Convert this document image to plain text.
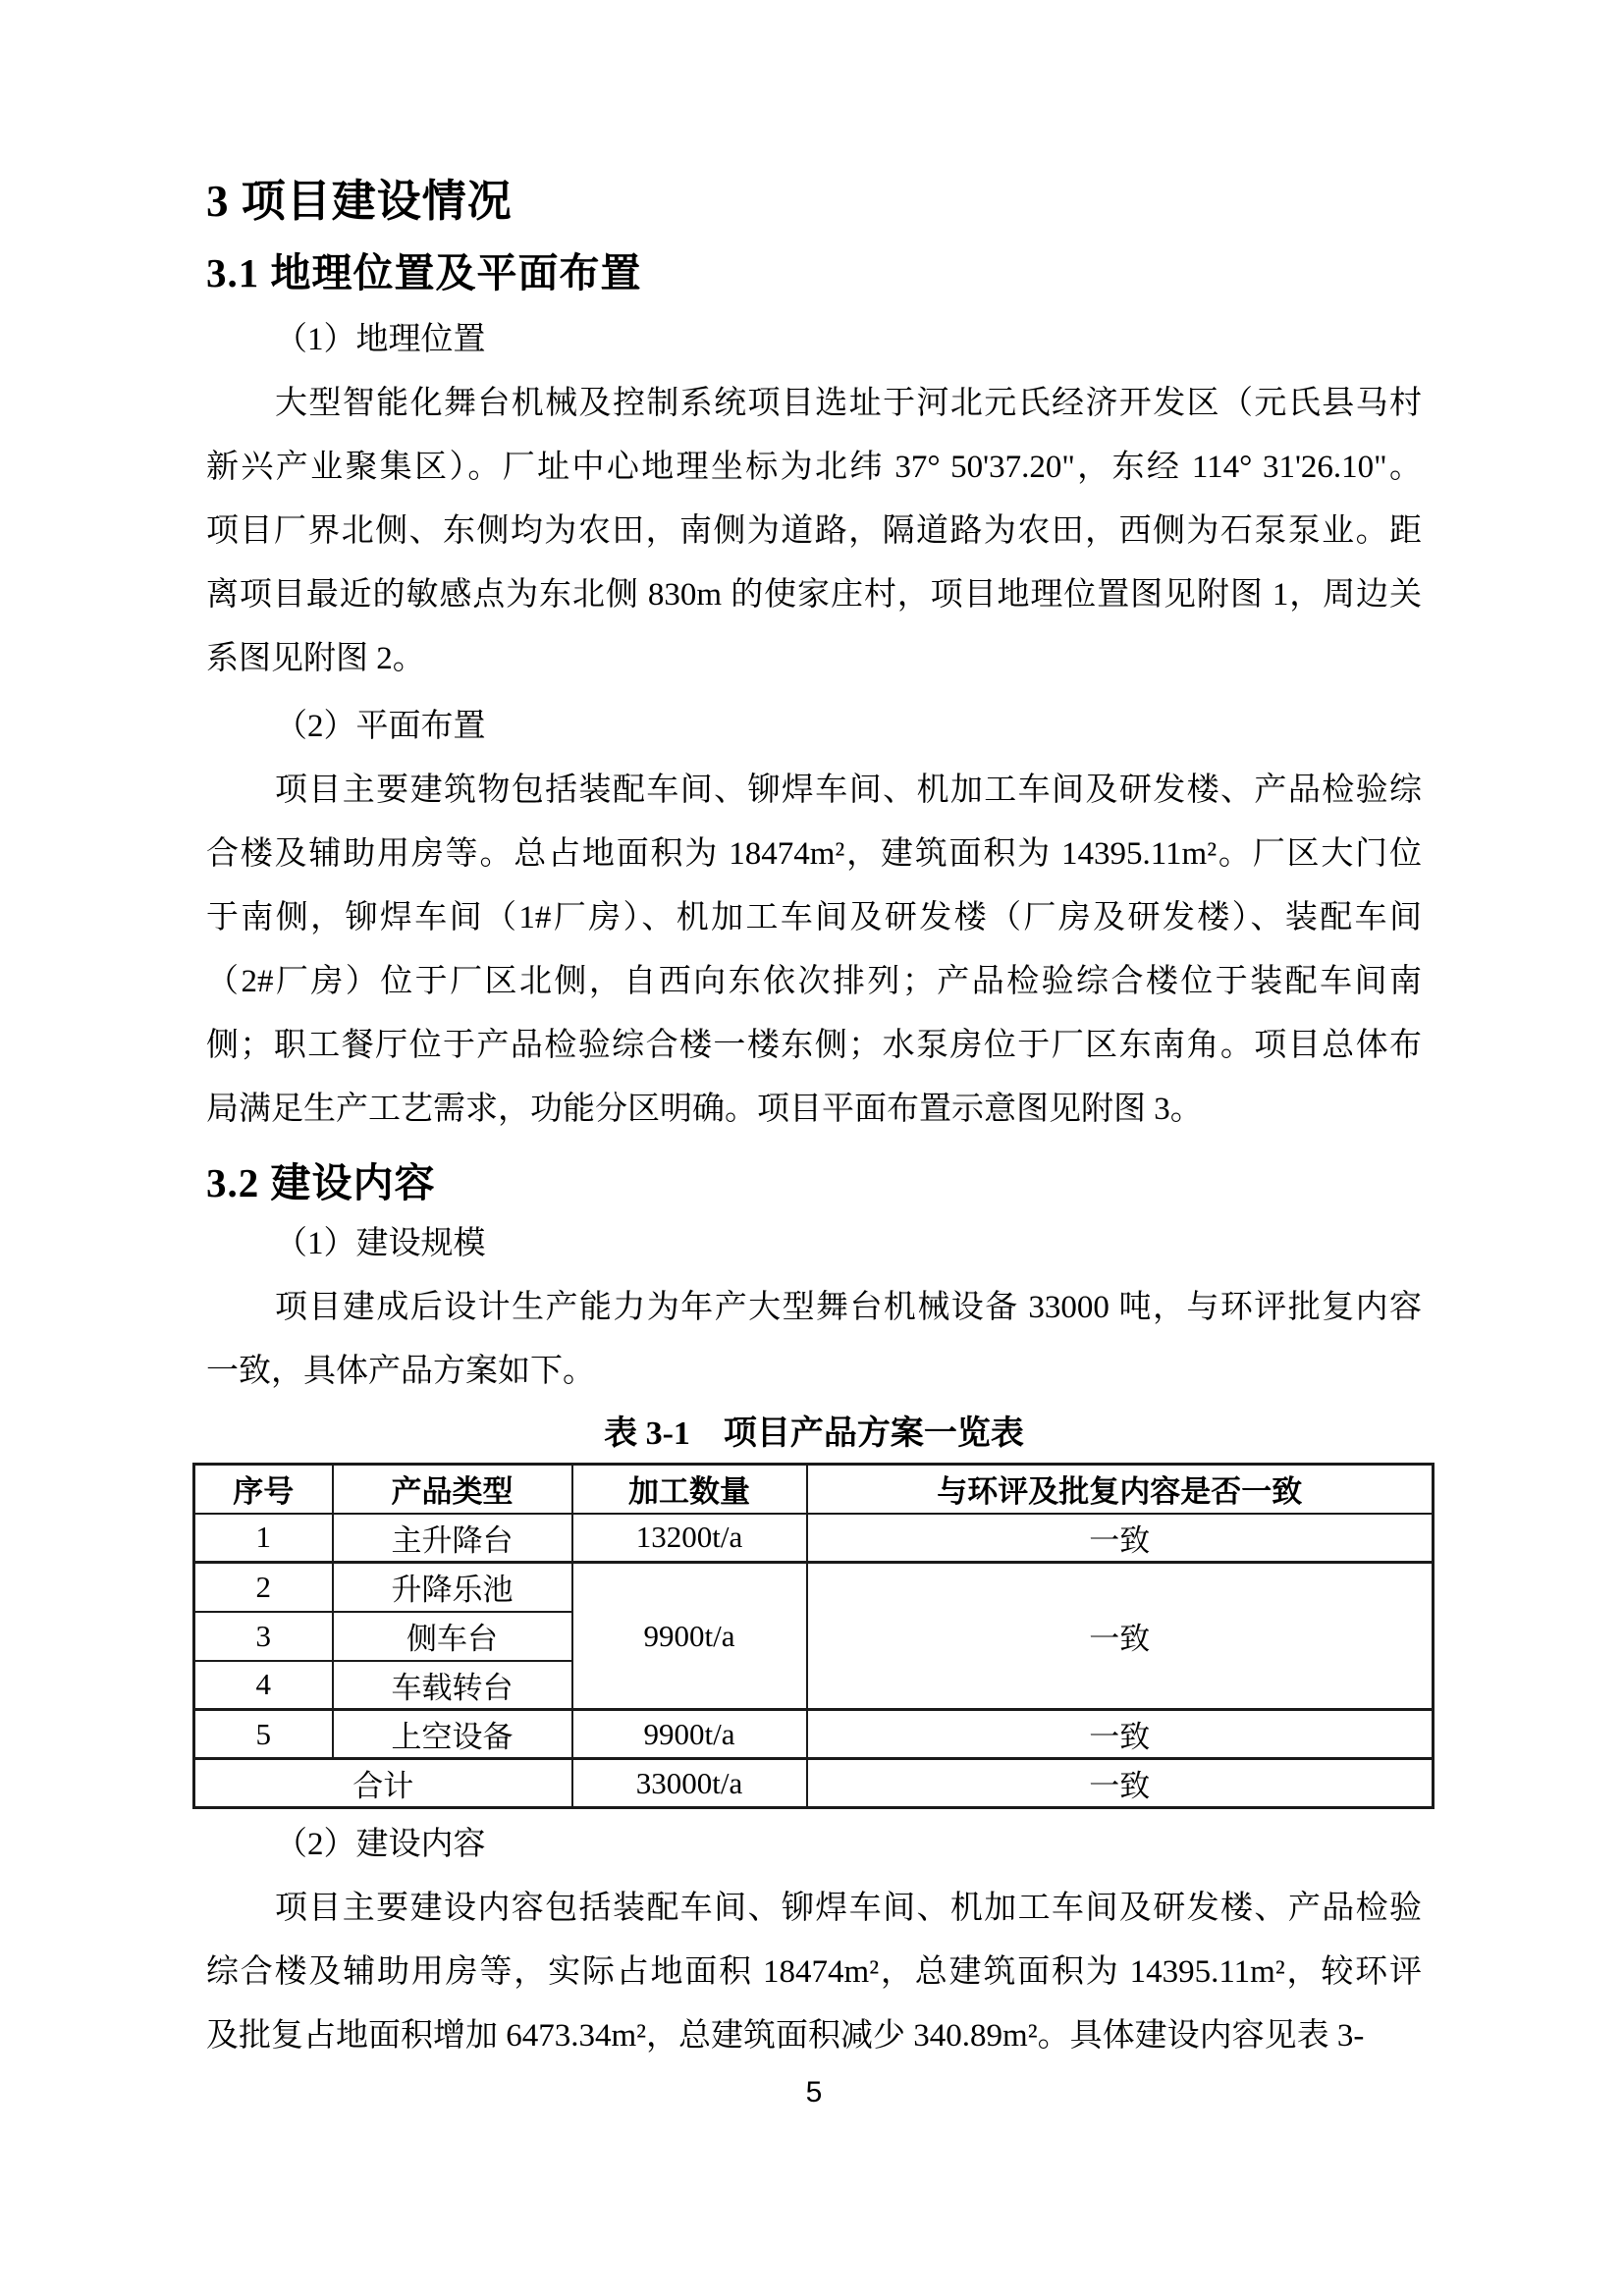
3 项目建设情况
3.1 地理位置及平面布置
（1）地理位置
大型智能化舞台机械及控制系统项目选址于河北元氏经济开发区（元氏县马村
新兴产业聚集区）。厂址中心地理坐标为北纬 37° 50'37.20"，东经 114° 31'26.10"。
项目厂界北侧、东侧均为农田，南侧为道路，隔道路为农田，西侧为石泵泵业。距
离项目最近的敏感点为东北侧 830m 的使家庄村，项目地理位置图见附图 1，周边关
系图见附图 2。
（2）平面布置
项目主要建筑物包括装配车间、铆焊车间、机加工车间及研发楼、产品检验综
合楼及辅助用房等。总占地面积为 18474m²，建筑面积为 14395.11m²。厂区大门位
于南侧，铆焊车间（1#厂房）、机加工车间及研发楼（厂房及研发楼）、装配车间
（2#厂房）位于厂区北侧，自西向东依次排列；产品检验综合楼位于装配车间南
侧；职工餐厅位于产品检验综合楼一楼东侧；水泵房位于厂区东南角。项目总体布
局满足生产工艺需求，功能分区明确。项目平面布置示意图见附图 3。
3.2 建设内容
（1）建设规模
项目建成后设计生产能力为年产大型舞台机械设备 33000 吨，与环评批复内容
一致，具体产品方案如下。
表 3-1　项目产品方案一览表
序号	产品类型	加工数量	与环评及批复内容是否一致
1	主升降台	13200t/a	一致
2	升降乐池	9900t/a	一致
3	侧车台		
4	车载转台		
5	上空设备	9900t/a	一致
合计		33000t/a	一致
（2）建设内容
项目主要建设内容包括装配车间、铆焊车间、机加工车间及研发楼、产品检验
综合楼及辅助用房等，实际占地面积 18474m²，总建筑面积为 14395.11m²，较环评
及批复占地面积增加 6473.34m²，总建筑面积减少 340.89m²。具体建设内容见表 3-
5
